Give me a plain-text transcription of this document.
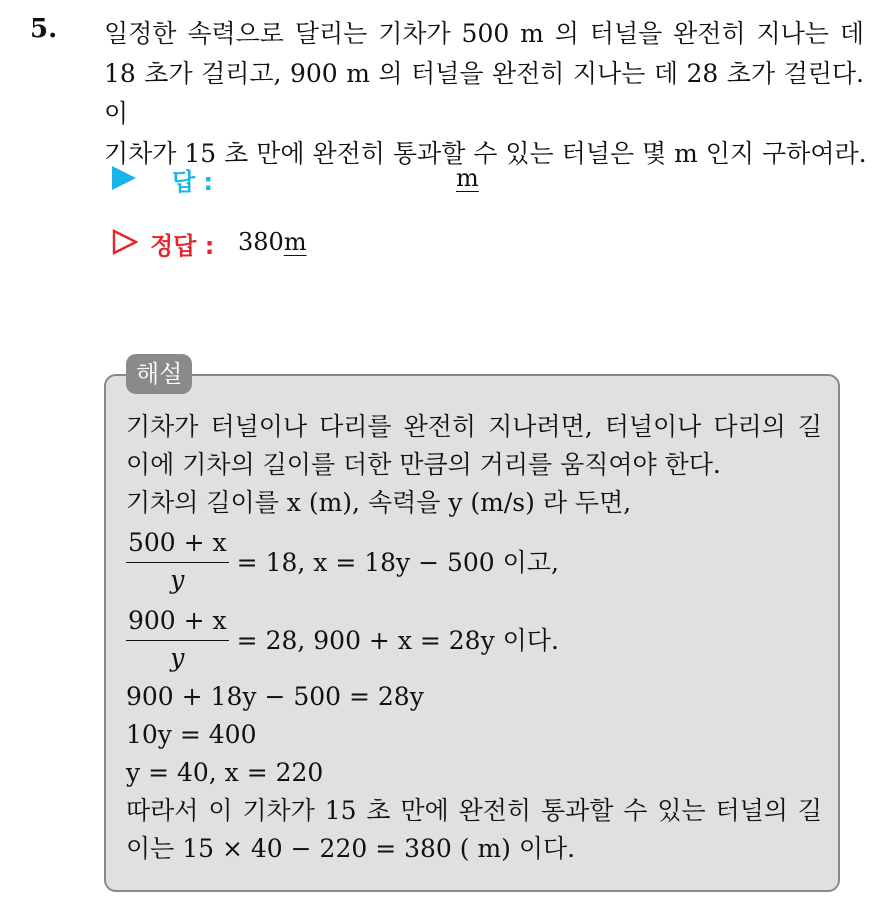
5. 일정한 속력으로 달리는 기차가 500 m 의 터널을 완전히 지나는 데
18 초가 걸리고, 900 m 의 터널을 완전히 지나는 데 28 초가 걸린다. 이
기차가 15 초 만에 완전히 통과할 수 있는 터널은 몇 m 인지 구하여라.
답 :	m
정답 : 380m
해설
기차가 터널이나 다리를 완전히 지나려면, 터널이나 다리의 길
이에 기차의 길이를 더한 만큼의 거리를 움직여야 한다.
기차의 길이를 x (m), 속력을 y (m/s) 라 두면,
$\frac{500 + x}{y} = 18$, x = 18y − 500 이고,
$\frac{900 + x}{y} = 28$, 900 + x = 28y 이다.
900 + 18y − 500 = 28y
10y = 400
y = 40, x = 220
따라서 이 기차가 15 초 만에 완전히 통과할 수 있는 터널의 길
이는 15 × 40 − 220 = 380 ( m) 이다.
